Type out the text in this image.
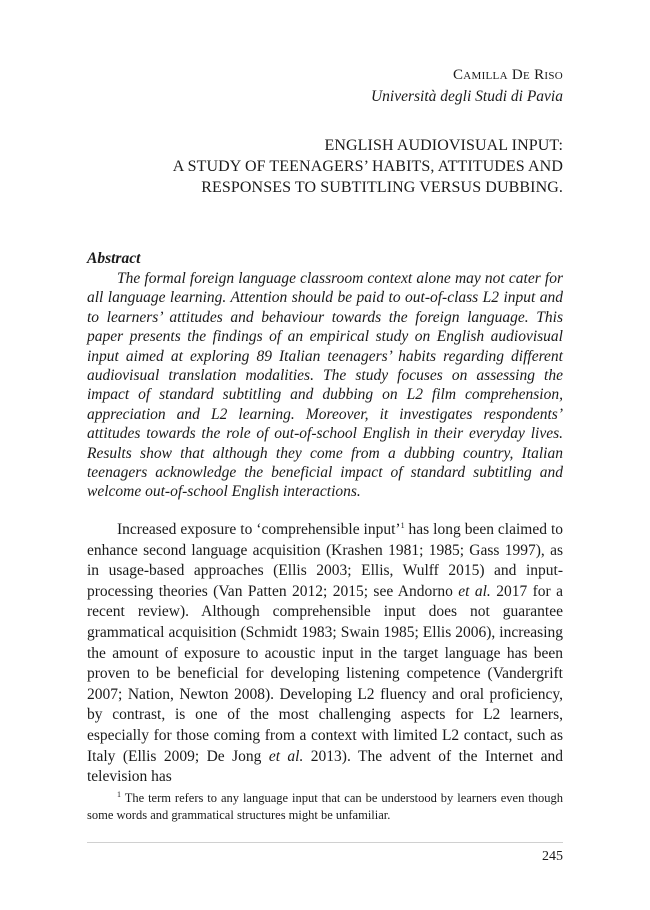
Camilla De Riso
Università degli Studi di Pavia
ENGLISH AUDIOVISUAL INPUT:
A STUDY OF TEENAGERS’ HABITS, ATTITUDES AND
RESPONSES TO SUBTITLING VERSUS DUBBING.
Abstract

The formal foreign language classroom context alone may not cater for all language learning. Attention should be paid to out-of-class L2 input and to learners’ attitudes and behaviour towards the foreign language. This paper presents the findings of an empirical study on English audiovisual input aimed at exploring 89 Italian teenagers’ habits regarding different audiovisual translation modalities. The study focuses on assessing the impact of standard subtitling and dubbing on L2 film comprehension, appreciation and L2 learning. Moreover, it investigates respondents’ attitudes towards the role of out-of-school English in their everyday lives. Results show that although they come from a dubbing country, Italian teenagers acknowledge the beneficial impact of standard subtitling and welcome out-of-school English interactions.

Increased exposure to ‘comprehensible input’$^1$ has long been claimed to enhance second language acquisition (Krashen 1981; 1985; Gass 1997), as in usage-based approaches (Ellis 2003; Ellis, Wulff 2015) and input-processing theories (Van Patten 2012; 2015; see Andorno et al. 2017 for a recent review). Although comprehensible input does not guarantee grammatical acquisition (Schmidt 1983; Swain 1985; Ellis 2006), increasing the amount of exposure to acoustic input in the target language has been proven to be beneficial for developing listening competence (Vandergrift 2007; Nation, Newton 2008). Developing L2 fluency and oral proficiency, by contrast, is one of the most challenging aspects for L2 learners, especially for those coming from a context with limited L2 contact, such as Italy (Ellis 2009; De Jong et al. 2013). The advent of the Internet and television has

$^1$ The term refers to any language input that can be understood by learners even though some words and grammatical structures might be unfamiliar.

245
